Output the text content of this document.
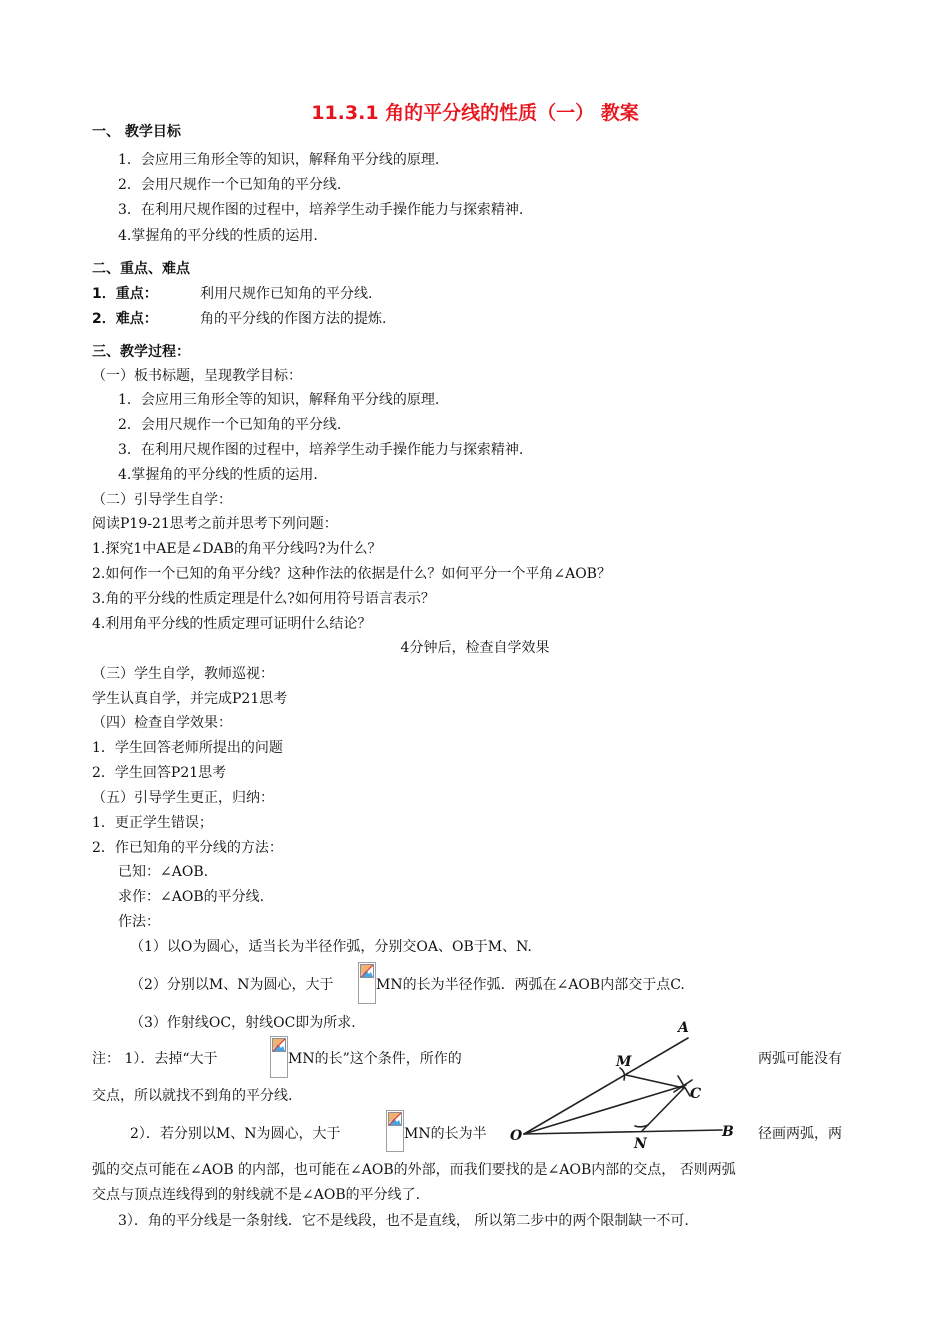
11.3.1 角的平分线的性质（一） 教案
一、 教学目标
1．会应用三角形全等的知识，解释角平分线的原理.
2．会用尺规作一个已知角的平分线.
3．在利用尺规作图的过程中，培养学生动手操作能力与探索精神.
4.掌握角的平分线的性质的运用.
二、重点、难点
1．重点：	利用尺规作已知角的平分线.
2．难点：	角的平分线的作图方法的提炼.
三、教学过程：
（一）板书标题，呈现教学目标：
1．会应用三角形全等的知识，解释角平分线的原理.
2．会用尺规作一个已知角的平分线.
3．在利用尺规作图的过程中，培养学生动手操作能力与探索精神.
4.掌握角的平分线的性质的运用.
（二）引导学生自学：
阅读P19-21思考之前并思考下列问题：
1.探究1中AE是∠DAB的角平分线吗?为什么？
2.如何作一个已知的角平分线？这种作法的依据是什么？如何平分一个平角∠AOB？
3.角的平分线的性质定理是什么?如何用符号语言表示？
4.利用角平分线的性质定理可证明什么结论？
4分钟后，检查自学效果
（三）学生自学，教师巡视：
学生认真自学，并完成P21思考
（四）检查自学效果：
1．学生回答老师所提出的问题
2．学生回答P21思考
（五）引导学生更正，归纳：
1．更正学生错误；
2．作已知角的平分线的方法：
已知：∠AOB.
求作：∠AOB的平分线.
作法：
（1）以O为圆心，适当长为半径作弧，分别交OA、OB于M、N.
（2）分别以M、N为圆心，大于	MN的长为半径作弧．两弧在∠AOB内部交于点C.
（3）作射线OC，射线OC即为所求.
注： 1）．去掉“大于	MN的长”这个条件，所作的	两弧可能没有
交点，所以就找不到角的平分线.
2）．若分别以M、N为圆心，大于	MN的长为半	径画两弧，两
弧的交点可能在∠AOB 的内部，也可能在∠AOB的外部，而我们要找的是∠AOB内部的交点， 否则两弧
交点与顶点连线得到的射线就不是∠AOB的平分线了.
3）．角的平分线是一条射线．它不是线段，也不是直线， 所以第二步中的两个限制缺一不可.
A
M
C
O	N
B
